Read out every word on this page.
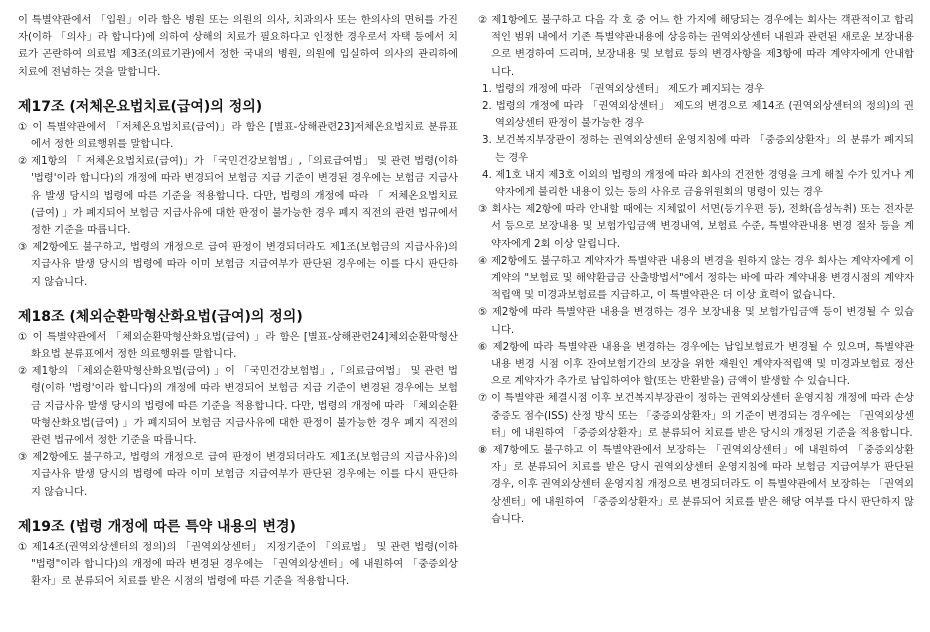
이 특별약관에서 「입원」이라 함은 병원 또는 의원의 의사, 치과의사 또는 한의사의 면허를 가진 자(이하 「의사」라 합니다)에 의하여 상해의 치료가 필요하다고 인정한 경우로서 자택 등에서 치료가 곤란하여 의료법 제3조(의료기관)에서 정한 국내의 병원, 의원에 입실하여 의사의 관리하에 치료에 전념하는 것을 말합니다.

제17조 (저체온요법치료(급여)의 정의)

① 이 특별약관에서 「저체온요법치료(급여)」라 함은 [별표-상해관련23]저체온요법치료 분류표에서 정한 의료행위를 말합니다.

② 제1항의 「 저체온요법치료(급여)」가 「국민건강보험법」,「의료급여법」 및 관련 법령(이하 '법령'이라 합니다)의 개정에 따라 변경되어 보험금 지급 기준이 변경된 경우에는 보험금 지급사유 발생 당시의 법령에 따른 기준을 적용합니다. 다만, 법령의 개정에 따라 「 저체온요법치료(급여) 」가 폐지되어 보험금 지급사유에 대한 판정이 불가능한 경우 폐지 직전의 관련 법규에서 정한 기준을 따릅니다.

③ 제2항에도 불구하고, 법령의 개정으로 급여 판정이 변경되더라도 제1조(보험금의 지급사유)의 지급사유 발생 당시의 법령에 따라 이미 보험금 지급여부가 판단된 경우에는 이를 다시 판단하지 않습니다.

제18조 (체외순환막형산화요법(급여)의 정의)

① 이 특별약관에서 「체외순환막형산화요법(급여) 」라 함은 [별표-상해관련24]체외순환막형산화요법 분류표에서 정한 의료행위를 말합니다.

② 제1항의 「체외순환막형산화요법(급여) 」이 「국민건강보험법」,「의료급여법」 및 관련 법령(이하 '법령'이라 합니다)의 개정에 따라 변경되어 보험금 지급 기준이 변경된 경우에는 보험금 지급사유 발생 당시의 법령에 따른 기준을 적용합니다. 다만, 법령의 개정에 따라 「체외순환막형산화요법(급여) 」가 폐지되어 보험금 지급사유에 대한 판정이 불가능한 경우 폐지 직전의 관련 법규에서 정한 기준을 따릅니다.

③ 제2항에도 불구하고, 법령의 개정으로 급여 판정이 변경되더라도 제1조(보험금의 지급사유)의 지급사유 발생 당시의 법령에 따라 이미 보험금 지급여부가 판단된 경우에는 이를 다시 판단하지 않습니다.

제19조 (법령 개정에 따른 특약 내용의 변경)

① 제14조(권역외상센터의 정의)의 「권역외상센터」 지정기준이 「의료법」 및 관련 법령(이하 "법령"이라 합니다)의 개정에 따라 변경된 경우에는 「권역외상센터」에 내원하여 「중증외상환자」로 분류되어 치료를 받은 시점의 법령에 따른 기준을 적용합니다.

② 제1항에도 불구하고 다음 각 호 중 어느 한 가지에 해당되는 경우에는 회사는 객관적이고 합리적인 범위 내에서 기존 특별약관내용에 상응하는 권역외상센터 내원과 관련된 새로운 보장내용으로 변경하여 드리며, 보장내용 및 보험료 등의 변경사항을 제3항에 따라 계약자에게 안내합니다.

1. 법령의 개정에 따라 「권역외상센터」 제도가 폐지되는 경우

2. 법령의 개정에 따라 「권역외상센터」 제도의 변경으로 제14조 (권역외상센터의 정의)의 권역외상센터 판정이 불가능한 경우

3. 보건복지부장관이 정하는 권역외상센터 운영지침에 따라 「중증외상환자」의 분류가 폐지되는 경우

4. 제1호 내지 제3호 이외의 법령의 개정에 따라 회사의 건전한 경영을 크게 해칠 수가 있거나 계약자에게 불리한 내용이 있는 등의 사유로 금융위원회의 명령이 있는 경우

③ 회사는 제2항에 따라 안내할 때에는 지체없이 서면(등기우편 등), 전화(음성녹취) 또는 전자문서 등으로 보장내용 및 보험가입금액 변경내역, 보험료 수준, 특별약관내용 변경 절차 등을 계약자에게 2회 이상 알립니다.

④ 제2항에도 불구하고 계약자가 특별약관 내용의 변경을 원하지 않는 경우 회사는 계약자에게 이 계약의 "보험료 및 해약환급금 산출방법서"에서 정하는 바에 따라 계약내용 변경시점의 계약자적립액 및 미경과보험료를 지급하고, 이 특별약관은 더 이상 효력이 없습니다.

⑤ 제2항에 따라 특별약관 내용을 변경하는 경우 보장내용 및 보험가입금액 등이 변경될 수 있습니다.

⑥ 제2항에 따라 특별약관 내용을 변경하는 경우에는 납입보험료가 변경될 수 있으며, 특별약관 내용 변경 시점 이후 잔여보험기간의 보장을 위한 재원인 계약자적립액 및 미경과보험료 정산으로 계약자가 추가로 납입하여야 할(또는 반환받을) 금액이 발생할 수 있습니다.

⑦ 이 특별약관 체결시점 이후 보건복지부장관이 정하는 권역외상센터 운영지침 개정에 따라 손상중증도 점수(ISS) 산정 방식 또는 「중증외상환자」의 기준이 변경되는 경우에는 「권역외상센터」에 내원하여 「중증외상환자」로 분류되어 치료를 받은 당시의 개정된 기준을 적용합니다.

⑧ 제7항에도 불구하고 이 특별약관에서 보장하는 「권역외상센터」에 내원하여 「중증외상환자」로 분류되어 치료를 받은 당시 권역외상센터 운영지침에 따라 보험금 지급여부가 판단된 경우, 이후 권역외상센터 운영지침 개정으로 변경되더라도 이 특별약관에서 보장하는 「권역외상센터」에 내원하여 「중증외상환자」로 분류되어 치료를 받은 해당 여부를 다시 판단하지 않습니다.
